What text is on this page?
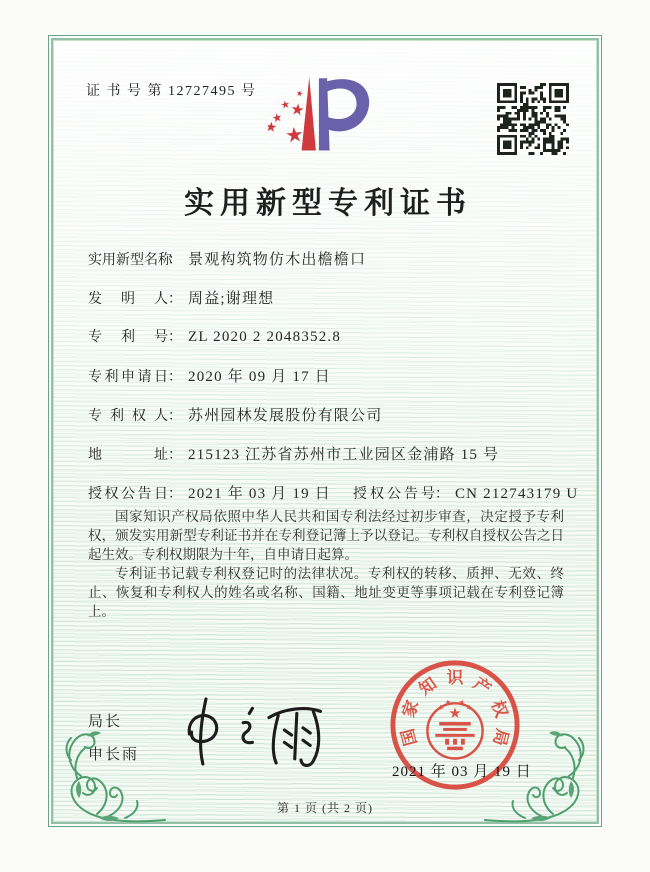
证 书 号 第 12727495 号
实用新型专利证书
实用新型名称： 景观构筑物仿木出檐檐口
发明人： 周益;谢理想
专利号： ZL 2020 2 2048352.8
专利申请日： 2020 年 09 月 17 日
专利权人： 苏州园林发展股份有限公司
地址： 215123 江苏省苏州市工业园区金浦路 15 号
授权公告日： 2021 年 03 月 19 日 授权公告号： CN 212743179 U

国家知识产权局依照中华人民共和国专利法经过初步审查，决定授予专利权，颁发实用新型专利证书并在专利登记簿上予以登记。专利权自授权公告之日起生效。专利权期限为十年，自申请日起算。

专利证书记载专利权登记时的法律状况。专利权的转移、质押、无效、终止、恢复和专利权人的姓名或名称、国籍、地址变更等事项记载在专利登记簿上。

局长
申长雨
国
家
知 识 产
权
局
2021 年 03 月 19 日
第 1 页 (共 2 页)
